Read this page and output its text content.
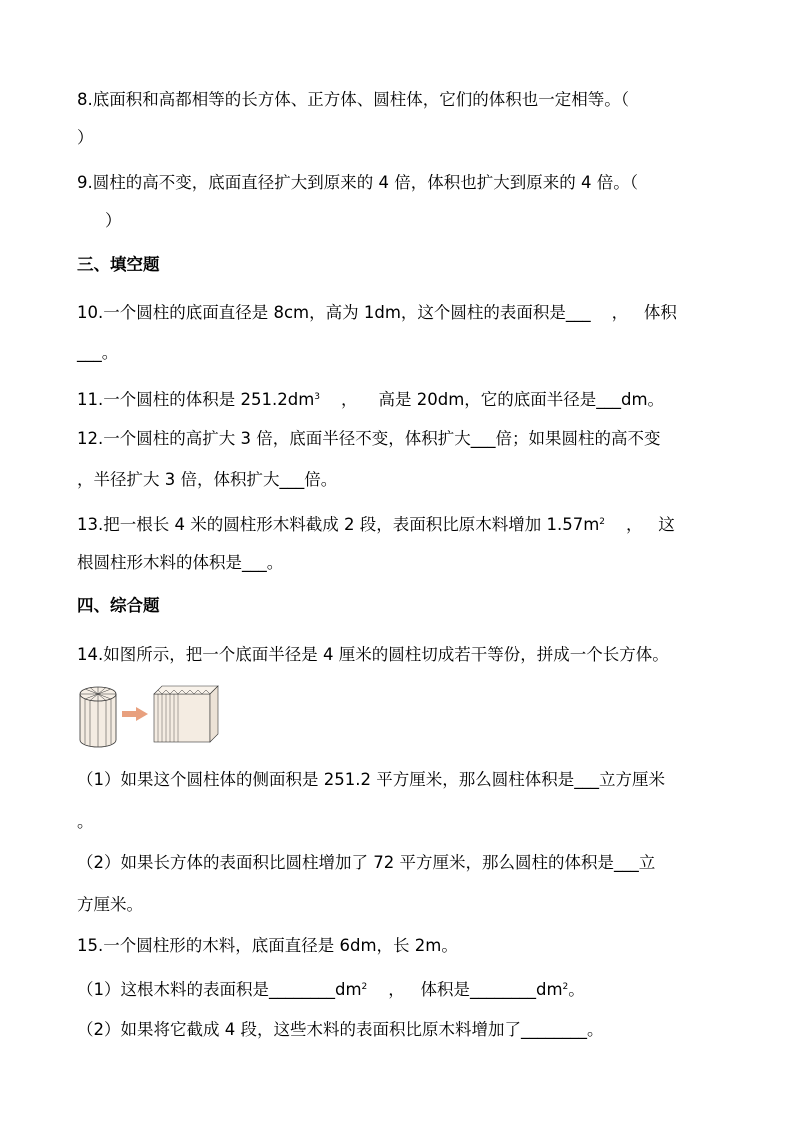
8.底面积和高都相等的长方体、正方体、圆柱体，它们的体积也一定相等。（
）
9.圆柱的高不变，底面直径扩大到原来的 4 倍，体积也扩大到原来的 4 倍。（
）
三、填空题
10.一个圆柱的底面直径是 8cm，高为 1dm，这个圆柱的表面积是___    ，   体积
___。
11.一个圆柱的体积是 $251.2dm^3$    ，    高是 20dm，它的底面半径是___dm。
12.一个圆柱的高扩大 3 倍，底面半径不变，体积扩大___倍；如果圆柱的高不变
，半径扩大 3 倍，体积扩大___倍。
13.把一根长 4 米的圆柱形木料截成 2 段，表面积比原木料增加 $1.57m^2$    ，   这
根圆柱形木料的体积是___。
四、综合题
14.如图所示，把一个底面半径是 4 厘米的圆柱切成若干等份，拼成一个长方体。
（1）如果这个圆柱体的侧面积是 251.2 平方厘米，那么圆柱体积是___立方厘米
。
（2）如果长方体的表面积比圆柱增加了 72 平方厘米，那么圆柱的体积是___立
方厘米。
15.一个圆柱形的木料，底面直径是 6dm，长 2m。
（1）这根木料的表面积是$\_\_\_\_\_\_\_\_dm^2$    ，   体积是$\_\_\_\_\_\_\_\_dm^2$。
（2）如果将它截成 4 段，这些木料的表面积比原木料增加了________。
